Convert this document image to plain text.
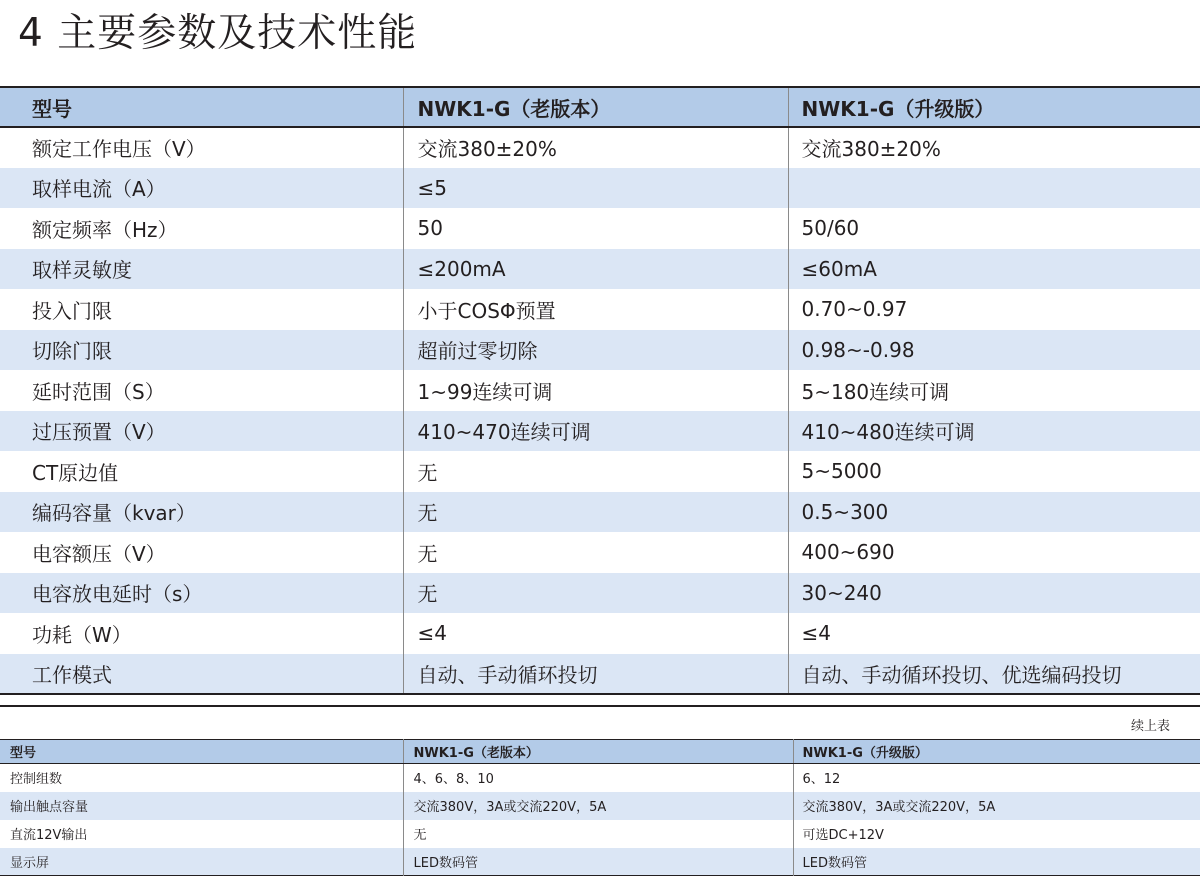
4 主要参数及技术性能
型号	NWK1-G（老版本）	NWK1-G（升级版）
额定工作电压（V）	交流380±20%	交流380±20%
取样电流（A）	≤5	
额定频率（Hz）	50	50/60
取样灵敏度	≤200mA	≤60mA
投入门限	小于COSΦ预置	0.70~0.97
切除门限	超前过零切除	0.98~-0.98
延时范围（S）	1~99连续可调	5~180连续可调
过压预置（V）	410~470连续可调	410~480连续可调
CT原边值	无	5~5000
编码容量（kvar）	无	0.5~300
电容额压（V）	无	400~690
电容放电延时（s）	无	30~240
功耗（W）	≤4	≤4
工作模式	自动、手动循环投切	自动、手动循环投切、优选编码投切
续上表
型号	NWK1-G（老版本）	NWK1-G（升级版）
控制组数	4、6、8、10	6、12
输出触点容量	交流380V，3A或交流220V，5A	交流380V，3A或交流220V，5A
直流12V输出	无	可选DC+12V
显示屏	LED数码管	LED数码管
